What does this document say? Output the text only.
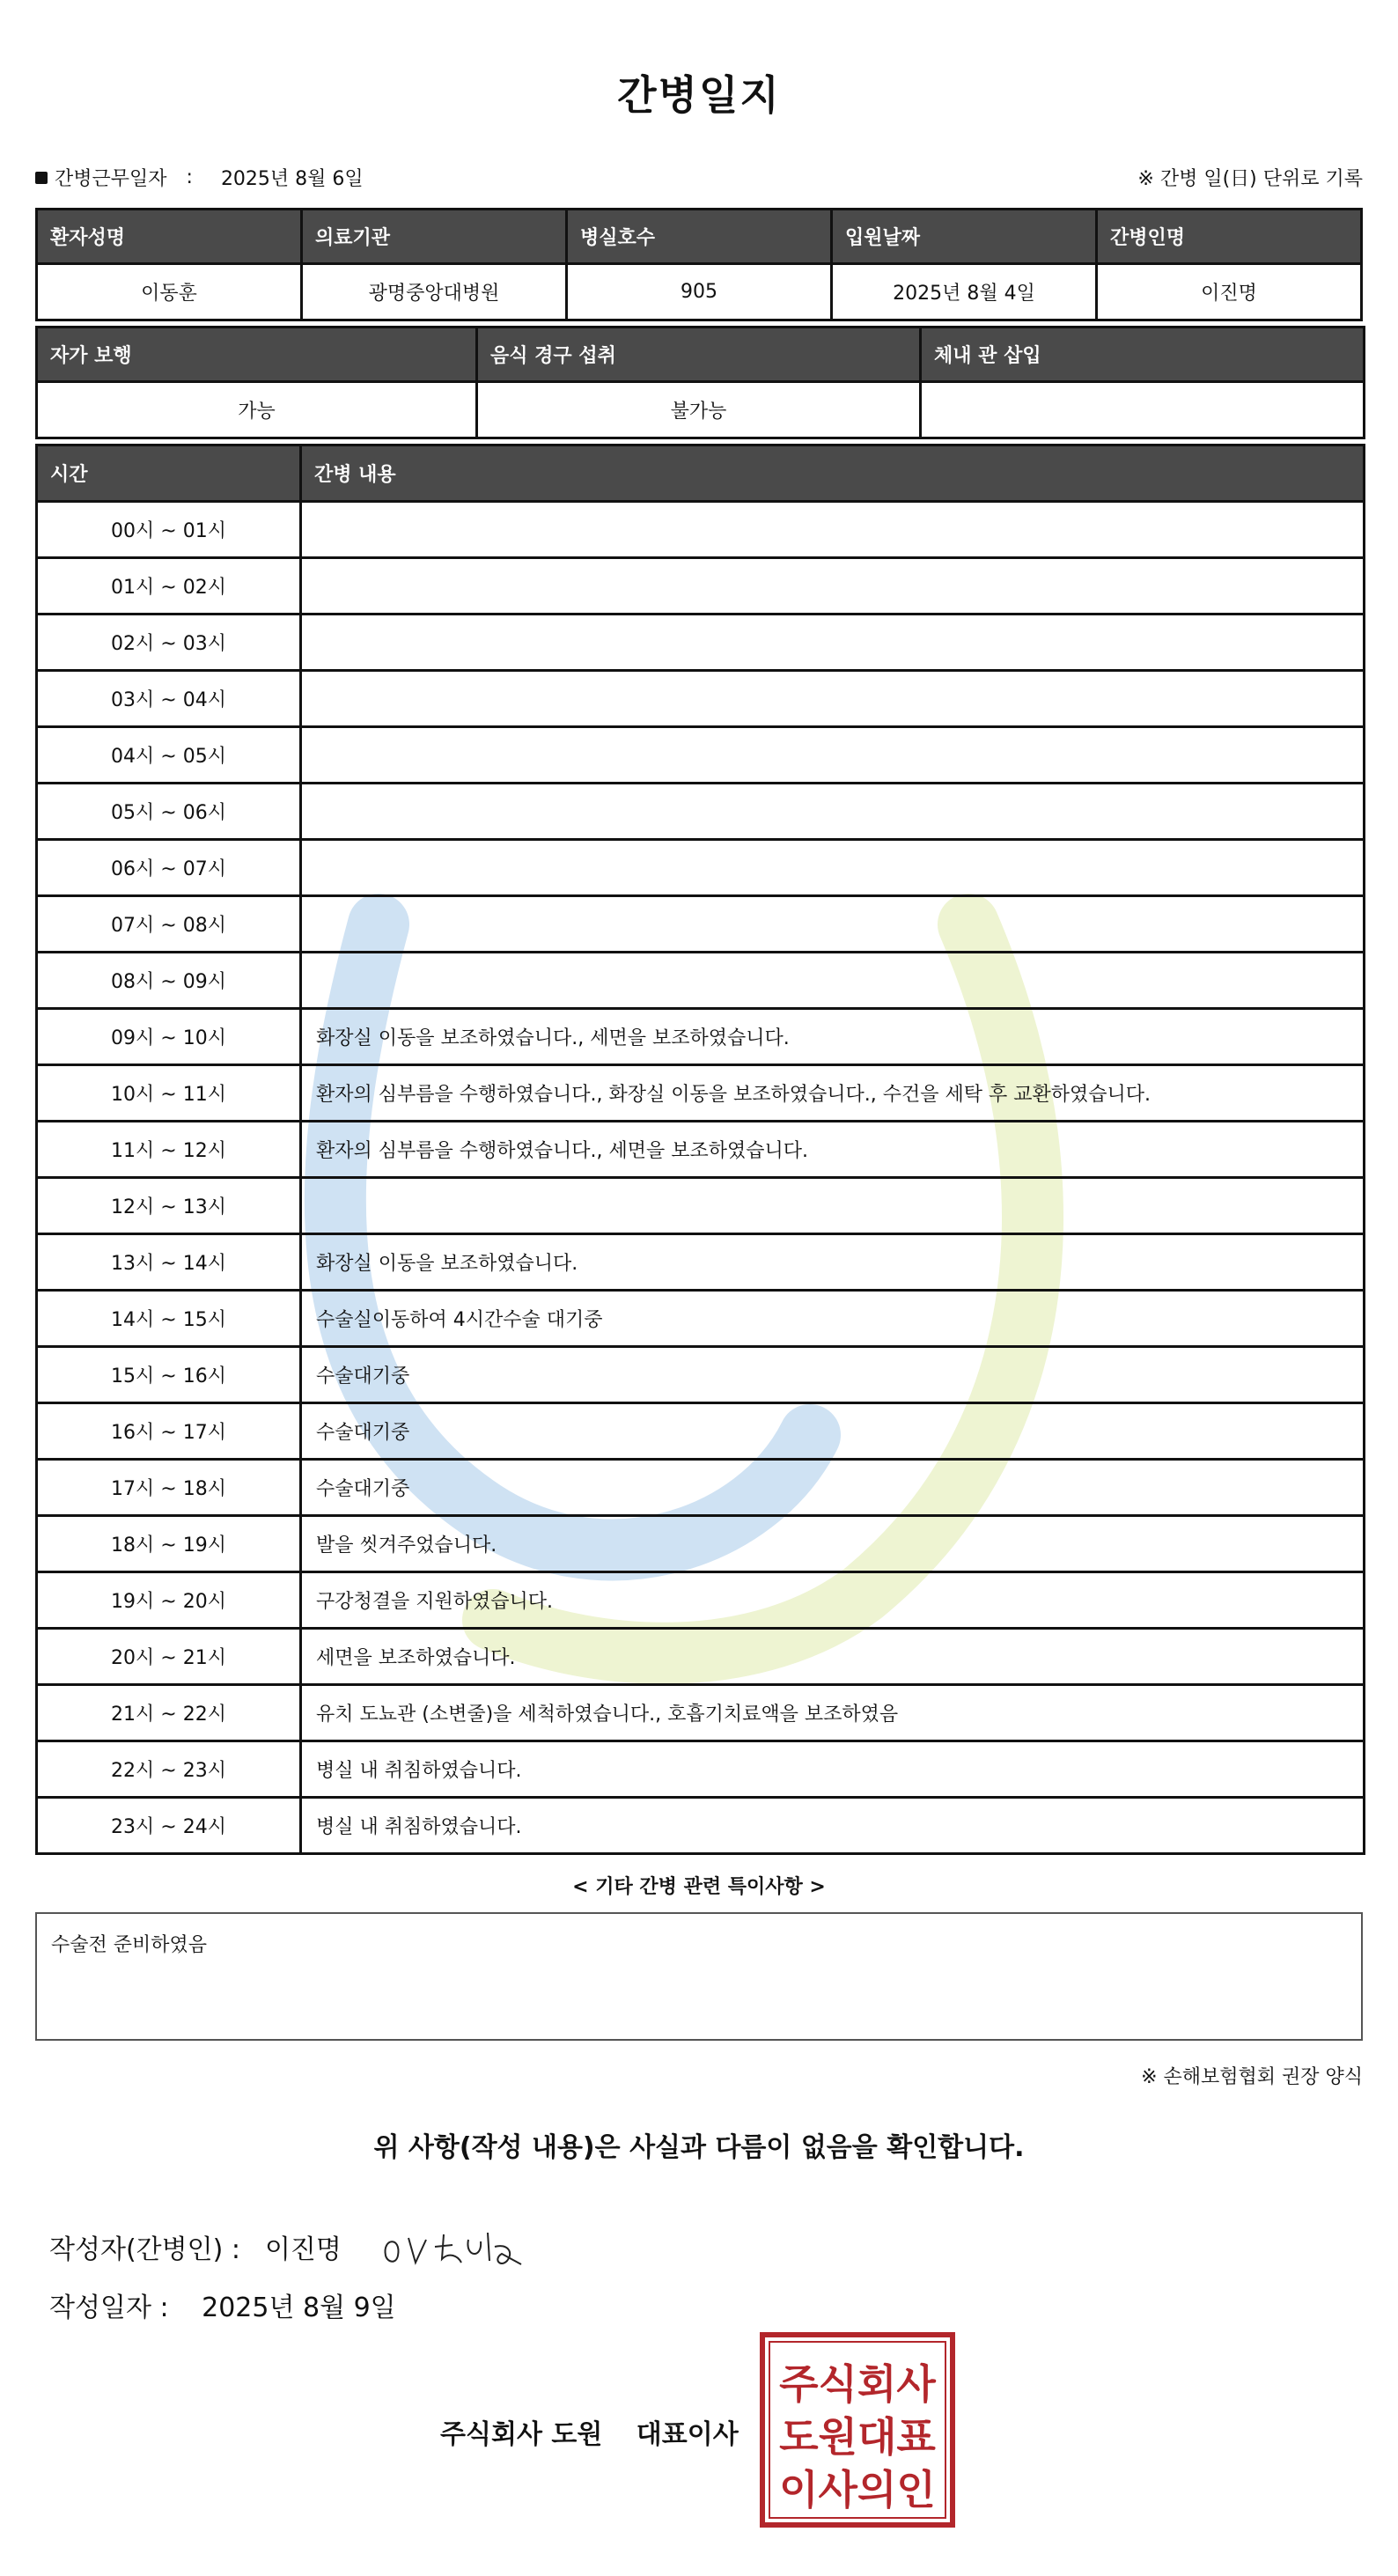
간병일지
간병근무일자 : 2025년 8월 6일	※ 간병 일(日) 단위로 기록
환자성명	의료기관	병실호수	입원날짜	간병인명
이동훈	광명중앙대병원	905	2025년 8월 4일	이진명
자가 보행	음식 경구 섭취	체내 관 삽입
가능	불가능	
시간	간병 내용
00시 ~ 01시	
01시 ~ 02시	
02시 ~ 03시	
03시 ~ 04시	
04시 ~ 05시	
05시 ~ 06시	
06시 ~ 07시	
07시 ~ 08시	
08시 ~ 09시	
09시 ~ 10시	화장실 이동을 보조하였습니다., 세면을 보조하였습니다.
10시 ~ 11시	환자의 심부름을 수행하였습니다., 화장실 이동을 보조하였습니다., 수건을 세탁 후 교환하였습니다.
11시 ~ 12시	환자의 심부름을 수행하였습니다., 세면을 보조하였습니다.
12시 ~ 13시	
13시 ~ 14시	화장실 이동을 보조하였습니다.
14시 ~ 15시	수술실이동하여 4시간수술 대기중
15시 ~ 16시	수술대기중
16시 ~ 17시	수술대기중
17시 ~ 18시	수술대기중
18시 ~ 19시	발을 씻겨주었습니다.
19시 ~ 20시	구강청결을 지원하였습니다.
20시 ~ 21시	세면을 보조하였습니다.
21시 ~ 22시	유치 도뇨관 (소변줄)을 세척하였습니다., 호흡기치료액을 보조하였음
22시 ~ 23시	병실 내 취침하였습니다.
23시 ~ 24시	병실 내 취침하였습니다.
< 기타 간병 관련 특이사항 >
수술전 준비하였음
※ 손해보험협회 권장 양식
위 사항(작성 내용)은 사실과 다름이 없음을 확인합니다.
작성자(간병인) : 이진명
작성일자 : 2025년 8월 9일
주식회사 도원 대표이사
주식회사
도원대표
이사의인
